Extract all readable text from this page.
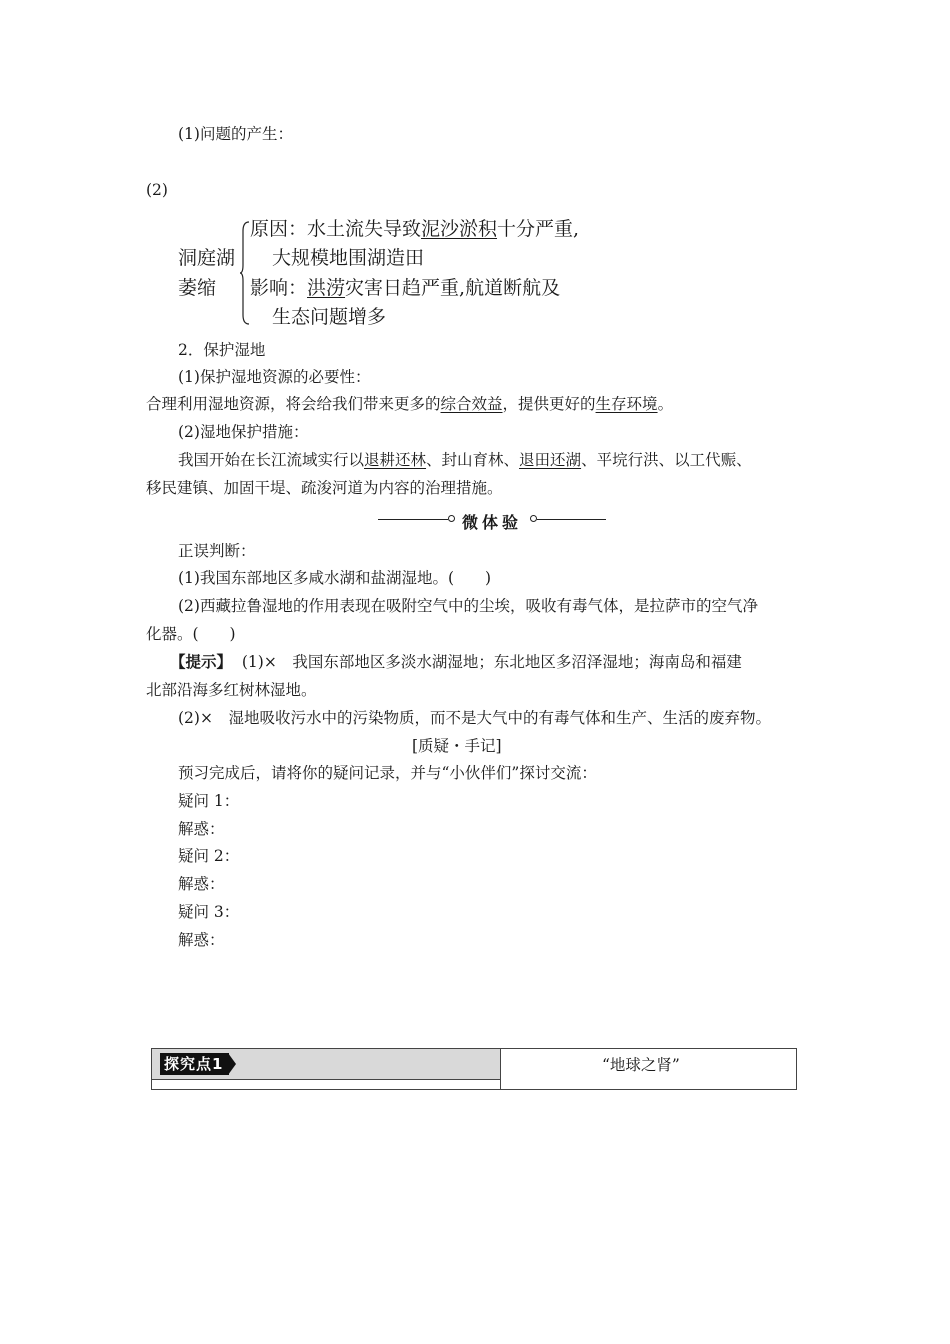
(1)问题的产生：
(2)
洞庭湖
萎缩
原因：水土流失导致泥沙淤积十分严重,
大规模地围湖造田
影响：洪涝灾害日趋严重,航道断航及
生态问题增多
2．保护湿地
(1)保护湿地资源的必要性：
合理利用湿地资源，将会给我们带来更多的综合效益，提供更好的生存环境。
(2)湿地保护措施：
我国开始在长江流域实行以退耕还林、封山育林、退田还湖、平垸行洪、以工代赈、
移民建镇、加固干堤、疏浚河道为内容的治理措施。
微体验
正误判断：
(1)我国东部地区多咸水湖和盐湖湿地。(　　)
(2)西藏拉鲁湿地的作用表现在吸附空气中的尘埃，吸收有毒气体，是拉萨市的空气净
化器。(　　)
【提示】 (1)×　我国东部地区多淡水湖湿地；东北地区多沼泽湿地；海南岛和福建
北部沿海多红树林湿地。
(2)×　湿地吸收污水中的污染物质，而不是大气中的有毒气体和生产、生活的废弃物。
[质疑・手记]
预习完成后，请将你的疑问记录，并与“小伙伴们”探讨交流：
疑问 1：
解惑：
疑问 2：
解惑：
疑问 3：
解惑：
探究点1	“地球之肾”
